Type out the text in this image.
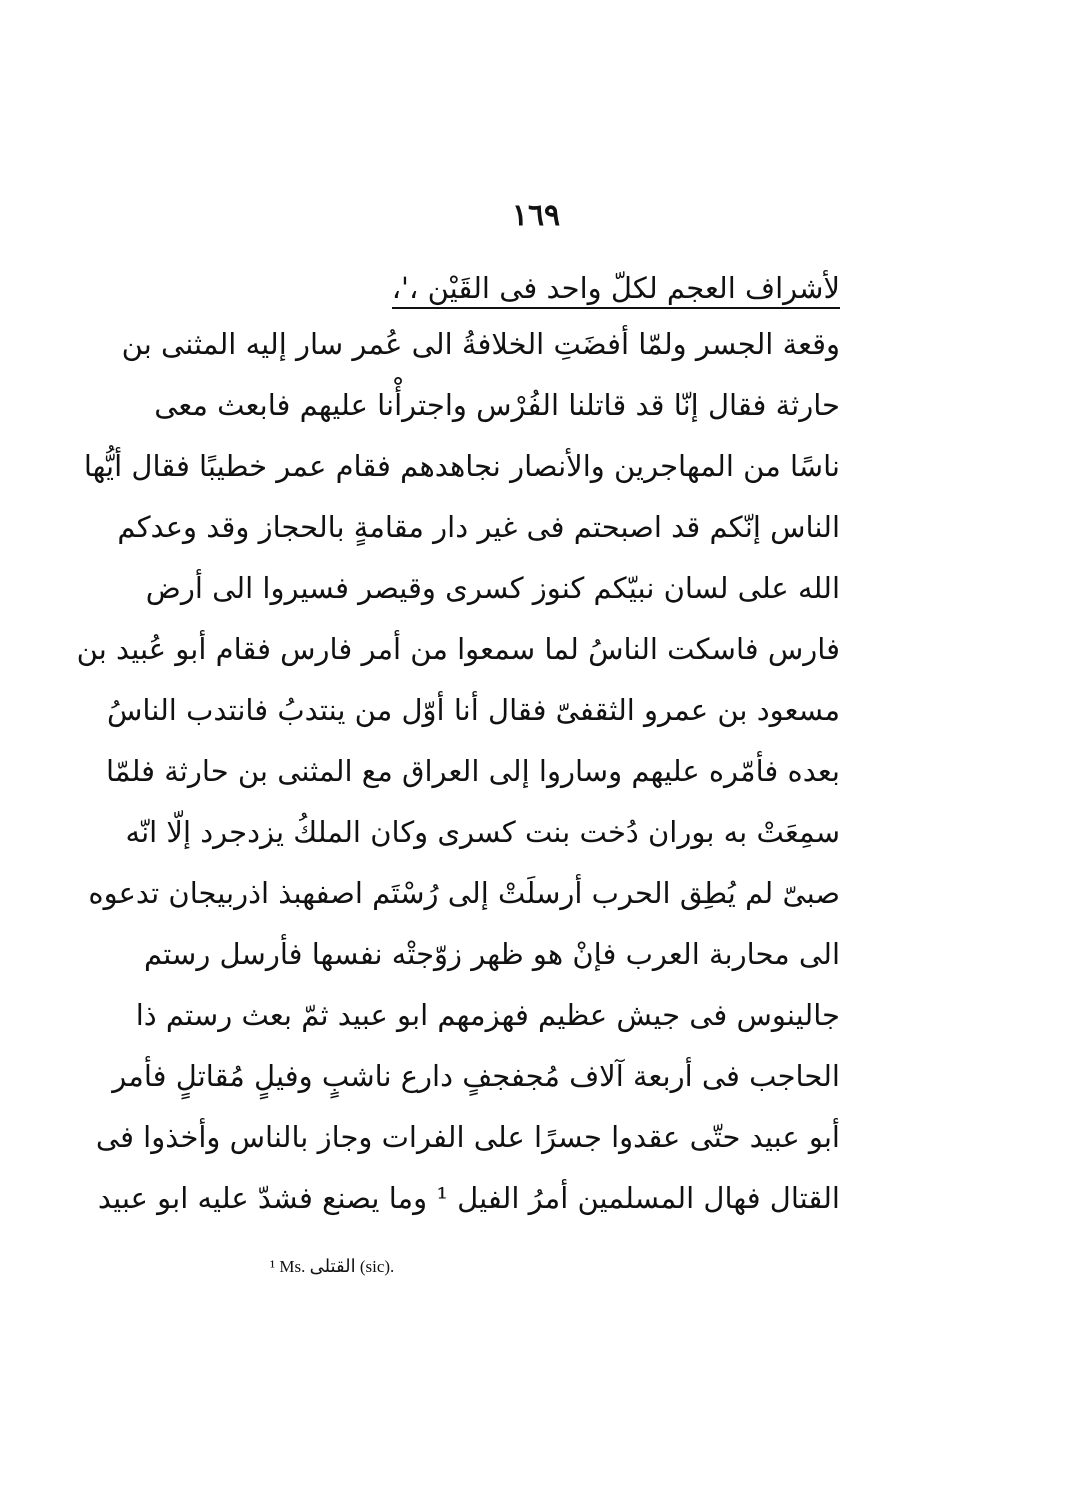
١٦٩
لأشراف العجم لكلّ واحد فى القَيْن ،'،
وقعة الجسر ولمّا أفضَتِ الخلافةُ الى عُمر سار إليه المثنى بن
حارثة فقال إنّا قد قاتلنا الفُرْس واجترأْنا عليهم فابعث معى
ناسًا من المهاجرين والأنصار نجاهدهم فقام عمر خطيبًا فقال أيُّها
الناس إنّكم قد اصبحتم فى غير دار مقامةٍ بالحجاز وقد وعدكم
الله على لسان نبيّكم كنوز كسرى وقيصر فسيروا الى أرض
فارس فاسكت الناسُ لما سمعوا من أمر فارس فقام أبو عُبيد بن
مسعود بن عمرو الثقفىّ فقال أنا أوّل من ينتدبُ فانتدب الناسُ
بعده فأمّره عليهم وساروا إلى العراق مع المثنى بن حارثة فلمّا
سمِعَتْ به بوران دُخت بنت كسرى وكان الملكُ يزدجرد إلّا انّه
صبىّ لم يُطِق الحرب أرسلَتْ إلى رُسْتَم اصفهبذ اذربيجان تدعوه
الى محاربة العرب فإنْ هو ظهر زوّجتْه نفسها فأرسل رستم
جالينوس فى جيش عظيم فهزمهم ابو عبيد ثمّ بعث رستم ذا
الحاجب فى أربعة آلاف مُجفجفٍ دارع ناشبٍ وفيلٍ مُقاتلٍ فأمر
أبو عبيد حتّى عقدوا جسرًا على الفرات وجاز بالناس وأخذوا فى
القتال فهال المسلمين أمرُ الفيل ¹ وما يصنع فشدّ عليه ابو عبيد
¹ Ms. القتلى (sic).
